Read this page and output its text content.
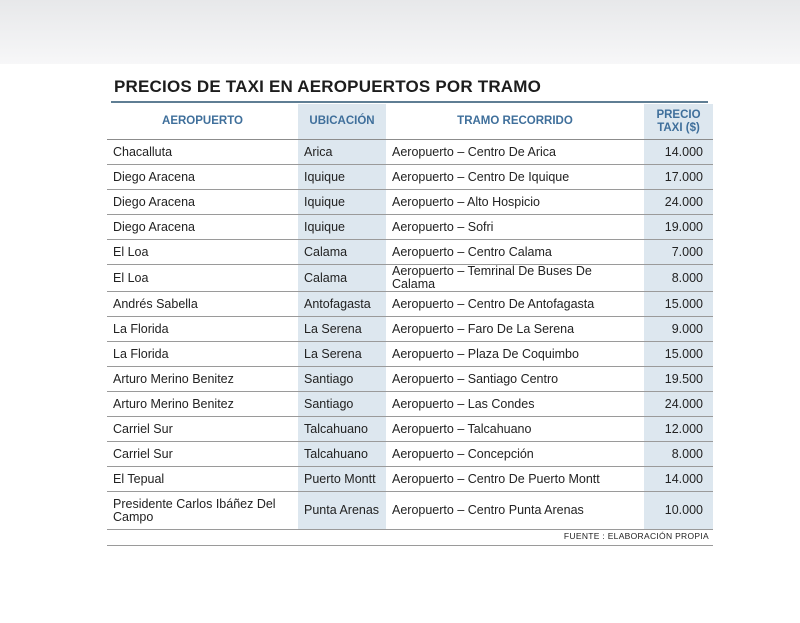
PRECIOS DE TAXI EN AEROPUERTOS POR TRAMO
AEROPUERTO	UBICACIÓN	TRAMO RECORRIDO	PRECIO
TAXI ($)
Chacalluta	Arica	Aeropuerto – Centro De Arica	14.000
Diego Aracena	Iquique	Aeropuerto – Centro De Iquique	17.000
Diego Aracena	Iquique	Aeropuerto – Alto Hospicio	24.000
Diego Aracena	Iquique	Aeropuerto – Sofri	19.000
El Loa	Calama	Aeropuerto – Centro Calama	7.000
El Loa	Calama	Aeropuerto – Temrinal De Buses De Calama	8.000
Andrés Sabella	Antofagasta	Aeropuerto – Centro De Antofagasta	15.000
La Florida	La Serena	Aeropuerto – Faro De La Serena	9.000
La Florida	La Serena	Aeropuerto – Plaza De Coquimbo	15.000
Arturo Merino Benitez	Santiago	Aeropuerto – Santiago Centro	19.500
Arturo Merino Benitez	Santiago	Aeropuerto – Las Condes	24.000
Carriel Sur	Talcahuano	Aeropuerto – Talcahuano	12.000
Carriel Sur	Talcahuano	Aeropuerto – Concepción	8.000
El Tepual	Puerto Montt	Aeropuerto – Centro De Puerto Montt	14.000
Presidente Carlos Ibáñez Del Campo	Punta Arenas	Aeropuerto – Centro Punta Arenas	10.000
FUENTE : ELABORACIÓN PROPIA
